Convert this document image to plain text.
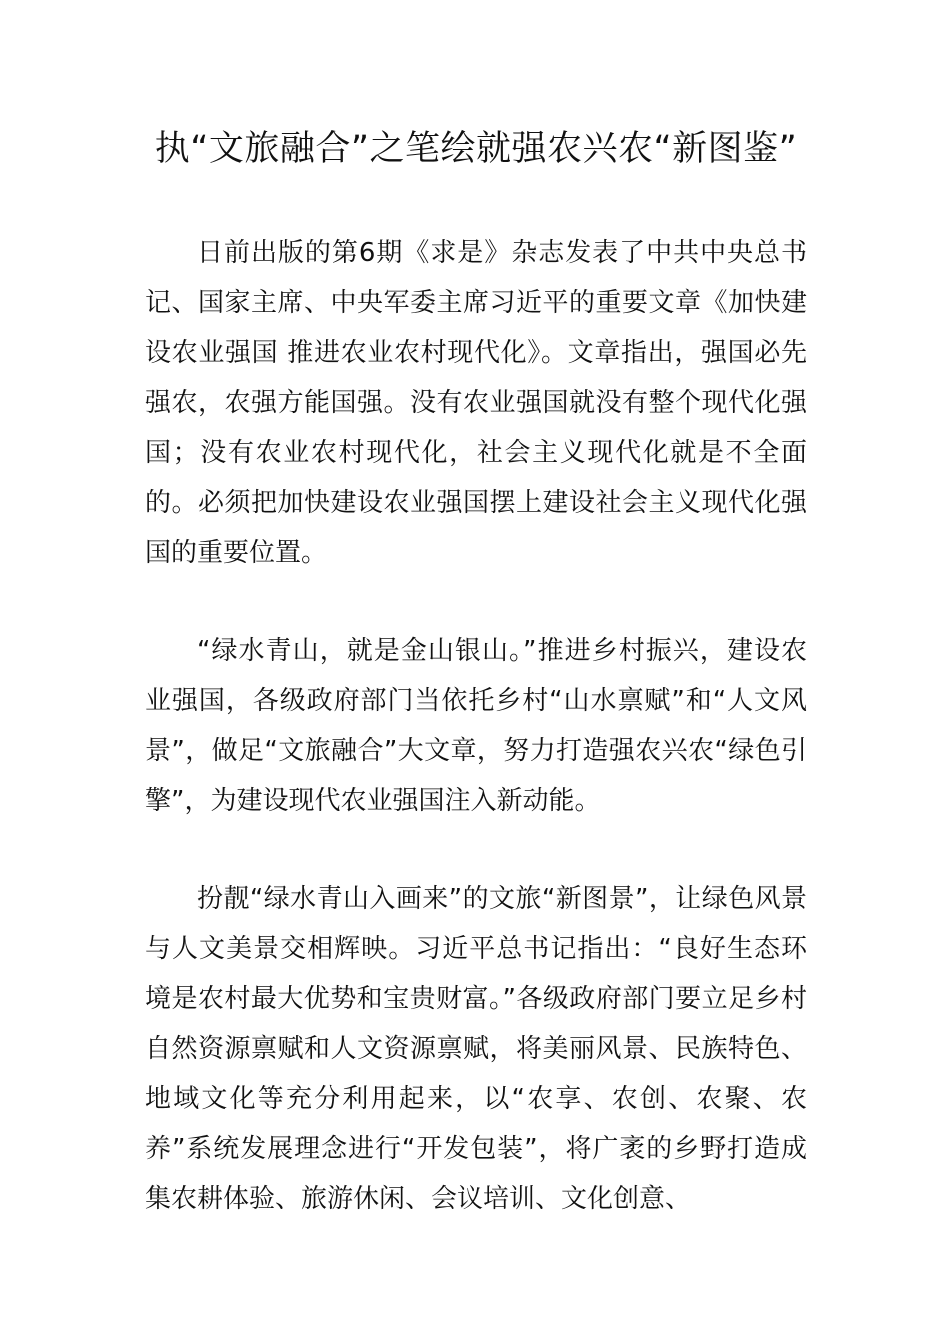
执“文旅融合”之笔绘就强农兴农“新图鉴”

日前出版的第6期《求是》杂志发表了中共中央总书记、国家主席、中央军委主席习近平的重要文章《加快建设农业强国 推进农业农村现代化》。文章指出，强国必先强农，农强方能国强。没有农业强国就没有整个现代化强国；没有农业农村现代化，社会主义现代化就是不全面的。必须把加快建设农业强国摆上建设社会主义现代化强国的重要位置。

“绿水青山，就是金山银山。”推进乡村振兴，建设农业强国，各级政府部门当依托乡村“山水禀赋”和“人文风景”，做足“文旅融合”大文章，努力打造强农兴农“绿色引擎”，为建设现代农业强国注入新动能。

扮靓“绿水青山入画来”的文旅“新图景”，让绿色风景与人文美景交相辉映。习近平总书记指出：“良好生态环境是农村最大优势和宝贵财富。”各级政府部门要立足乡村自然资源禀赋和人文资源禀赋，将美丽风景、民族特色、地域文化等充分利用起来，以“农享、农创、农聚、农养”系统发展理念进行“开发包装”，将广袤的乡野打造成集农耕体验、旅游休闲、会议培训、文化创意、
